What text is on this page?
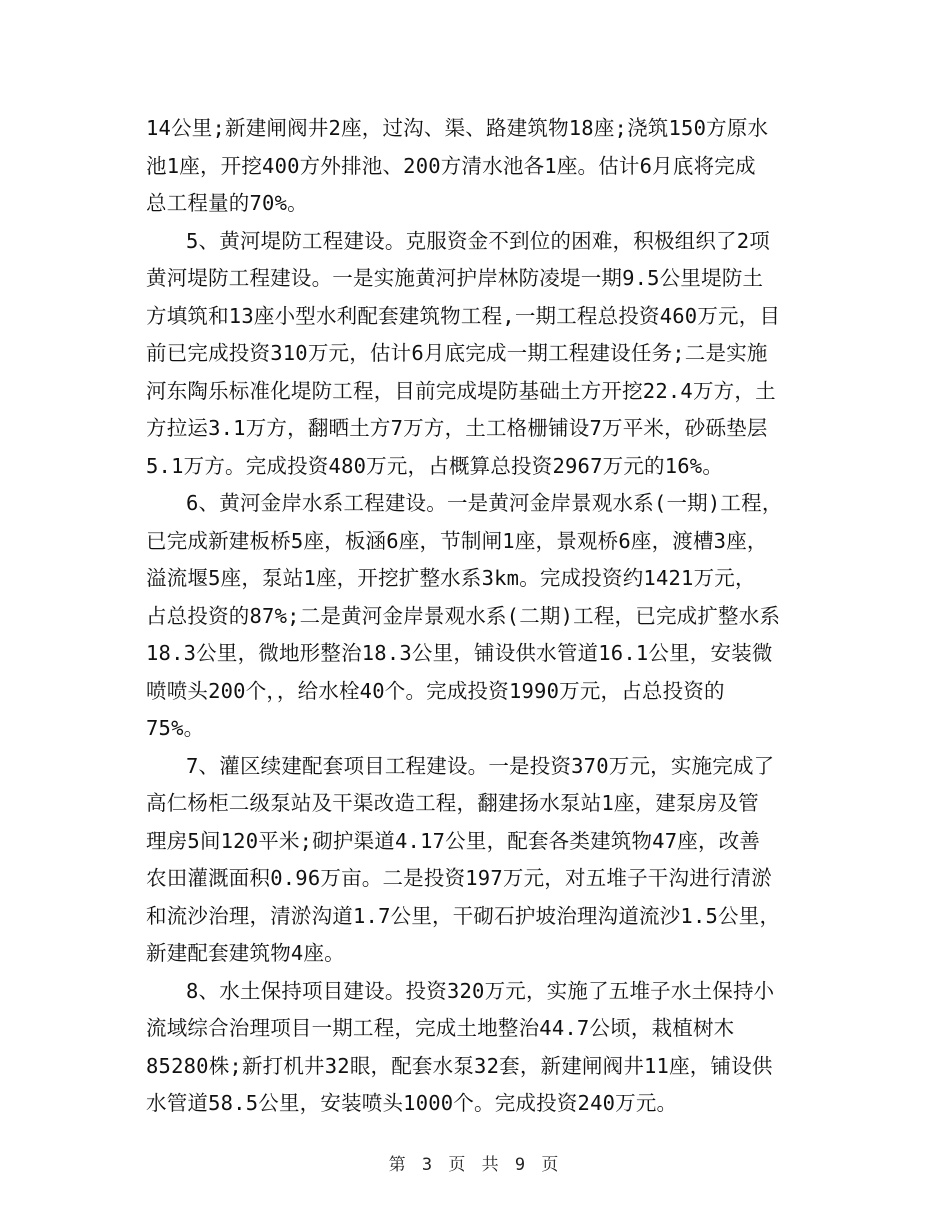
14公里;新建闸阀井2座，过沟、渠、路建筑物18座;浇筑150方原水
池1座，开挖400方外排池、200方清水池各1座。估计6月底将完成
总工程量的70%。
5、黄河堤防工程建设。克服资金不到位的困难，积极组织了2项
黄河堤防工程建设。一是实施黄河护岸林防凌堤一期9.5公里堤防土
方填筑和13座小型水利配套建筑物工程,一期工程总投资460万元，目
前已完成投资310万元，估计6月底完成一期工程建设任务;二是实施
河东陶乐标准化堤防工程，目前完成堤防基础土方开挖22.4万方，土
方拉运3.1万方，翻晒土方7万方，土工格栅铺设7万平米，砂砾垫层
5.1万方。完成投资480万元，占概算总投资2967万元的16%。
6、黄河金岸水系工程建设。一是黄河金岸景观水系(一期)工程，
已完成新建板桥5座，板涵6座，节制闸1座，景观桥6座，渡槽3座，
溢流堰5座，泵站1座，开挖扩整水系3km。完成投资约1421万元，
占总投资的87%;二是黄河金岸景观水系(二期)工程，已完成扩整水系
18.3公里，微地形整治18.3公里，铺设供水管道16.1公里，安装微
喷喷头200个，，给水栓40个。完成投资1990万元，占总投资的
75%。
7、灌区续建配套项目工程建设。一是投资370万元，实施完成了
高仁杨柜二级泵站及干渠改造工程，翻建扬水泵站1座，建泵房及管
理房5间120平米;砌护渠道4.17公里，配套各类建筑物47座，改善
农田灌溉面积0.96万亩。二是投资197万元，对五堆子干沟进行清淤
和流沙治理，清淤沟道1.7公里，干砌石护坡治理沟道流沙1.5公里，
新建配套建筑物4座。
8、水土保持项目建设。投资320万元，实施了五堆子水土保持小
流域综合治理项目一期工程，完成土地整治44.7公顷，栽植树木
85280株;新打机井32眼，配套水泵32套，新建闸阀井11座，铺设供
水管道58.5公里，安装喷头1000个。完成投资240万元。
第 3 页 共 9 页
